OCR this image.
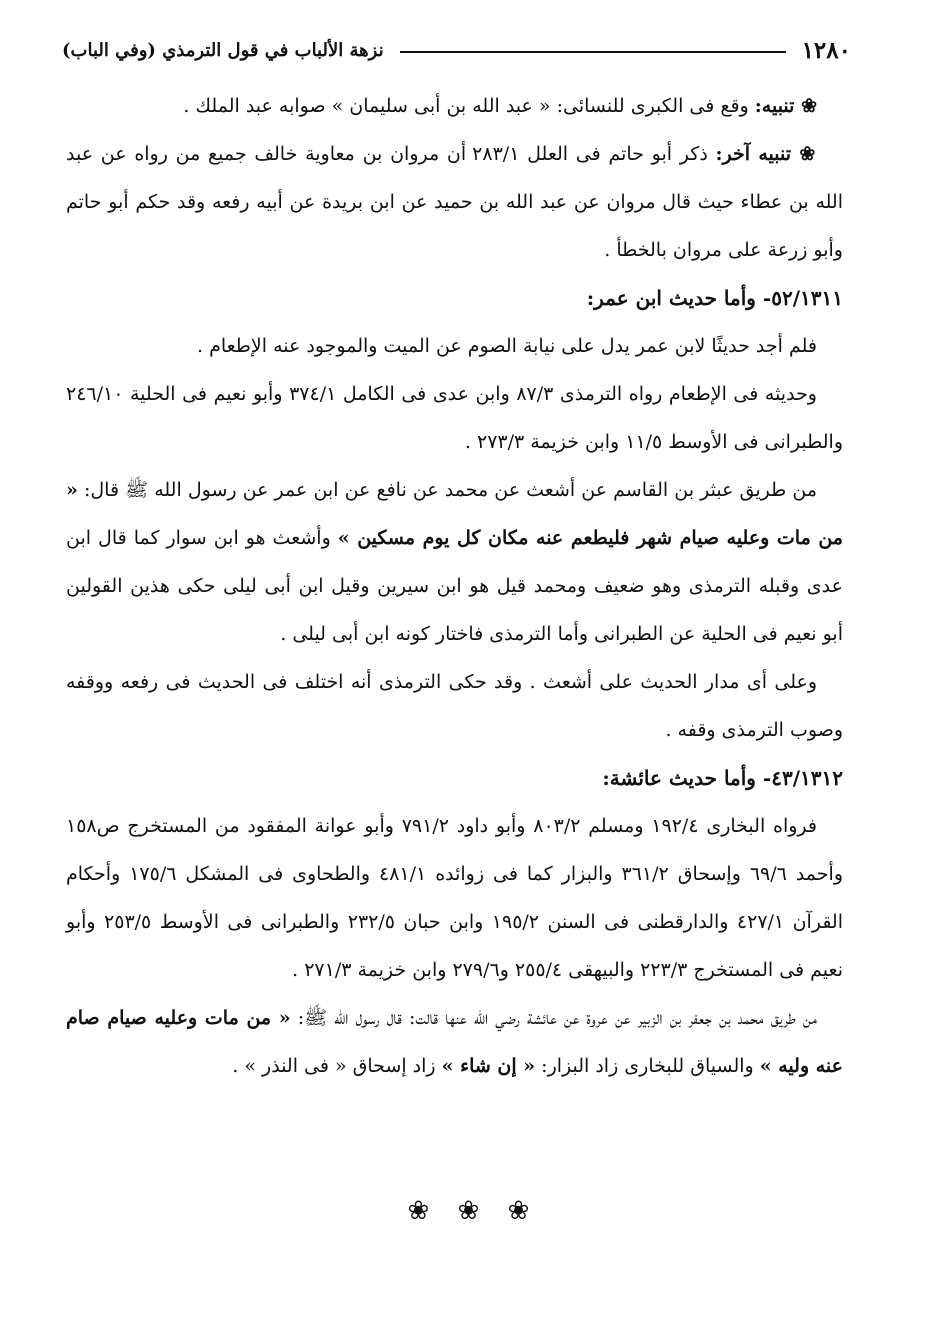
١٢٨٠
نزهة الألباب في قول الترمذي (وفي الباب)

❀ تنبيه: وقع فى الكبرى للنسائى: « عبد الله بن أبى سليمان » صوابه عبد الملك .

❀ تنبيه آخر: ذكر أبو حاتم فى العلل ٢٨٣/١ أن مروان بن معاوية خالف جميع من رواه عن عبد الله بن عطاء حيث قال مروان عن عبد الله بن حميد عن ابن بريدة عن أبيه رفعه وقد حكم أبو حاتم وأبو زرعة على مروان بالخطأ .

٥٢/١٣١١- وأما حديث ابن عمر:

فلم أجد حديثًا لابن عمر يدل على نيابة الصوم عن الميت والموجود عنه الإطعام .

وحديثه فى الإطعام رواه الترمذى ٨٧/٣ وابن عدى فى الكامل ٣٧٤/١ وأبو نعيم فى الحلية ٢٤٦/١٠ والطبرانى فى الأوسط ١١/٥ وابن خزيمة ٢٧٣/٣ .

من طريق عبثر بن القاسم عن أشعث عن محمد عن نافع عن ابن عمر عن رسول الله ﷺ قال: « من مات وعليه صيام شهر فليطعم عنه مكان كل يوم مسكين » وأشعث هو ابن سوار كما قال ابن عدى وقبله الترمذى وهو ضعيف ومحمد قيل هو ابن سيرين وقيل ابن أبى ليلى حكى هذين القولين أبو نعيم فى الحلية عن الطبرانى وأما الترمذى فاختار كونه ابن أبى ليلى .

وعلى أى مدار الحديث على أشعث . وقد حكى الترمذى أنه اختلف فى الحديث فى رفعه ووقفه وصوب الترمذى وقفه .

٤٣/١٣١٢- وأما حديث عائشة:

فرواه البخارى ١٩٢/٤ ومسلم ٨٠٣/٢ وأبو داود ٧٩١/٢ وأبو عوانة المفقود من المستخرج ص١٥٨ وأحمد ٦٩/٦ وإسحاق ٣٦١/٢ والبزار كما فى زوائده ٤٨١/١ والطحاوى فى المشكل ١٧٥/٦ وأحكام القرآن ٤٢٧/١ والدارقطنى فى السنن ١٩٥/٢ وابن حبان ٢٣٢/٥ والطبرانى فى الأوسط ٢٥٣/٥ وأبو نعيم فى المستخرج ٢٢٣/٣ والبيهقى ٢٥٥/٤ و٢٧٩/٦ وابن خزيمة ٢٧١/٣ .

من طريق محمد بن جعفر بن الزبير عن عروة عن عائشة رضي الله عنها قالت: قال رسول الله ﷺ: « من مات وعليه صيام صام عنه وليه » والسياق للبخارى زاد البزار: « إن شاء » زاد إسحاق « فى النذر » .

❀ ❀ ❀
